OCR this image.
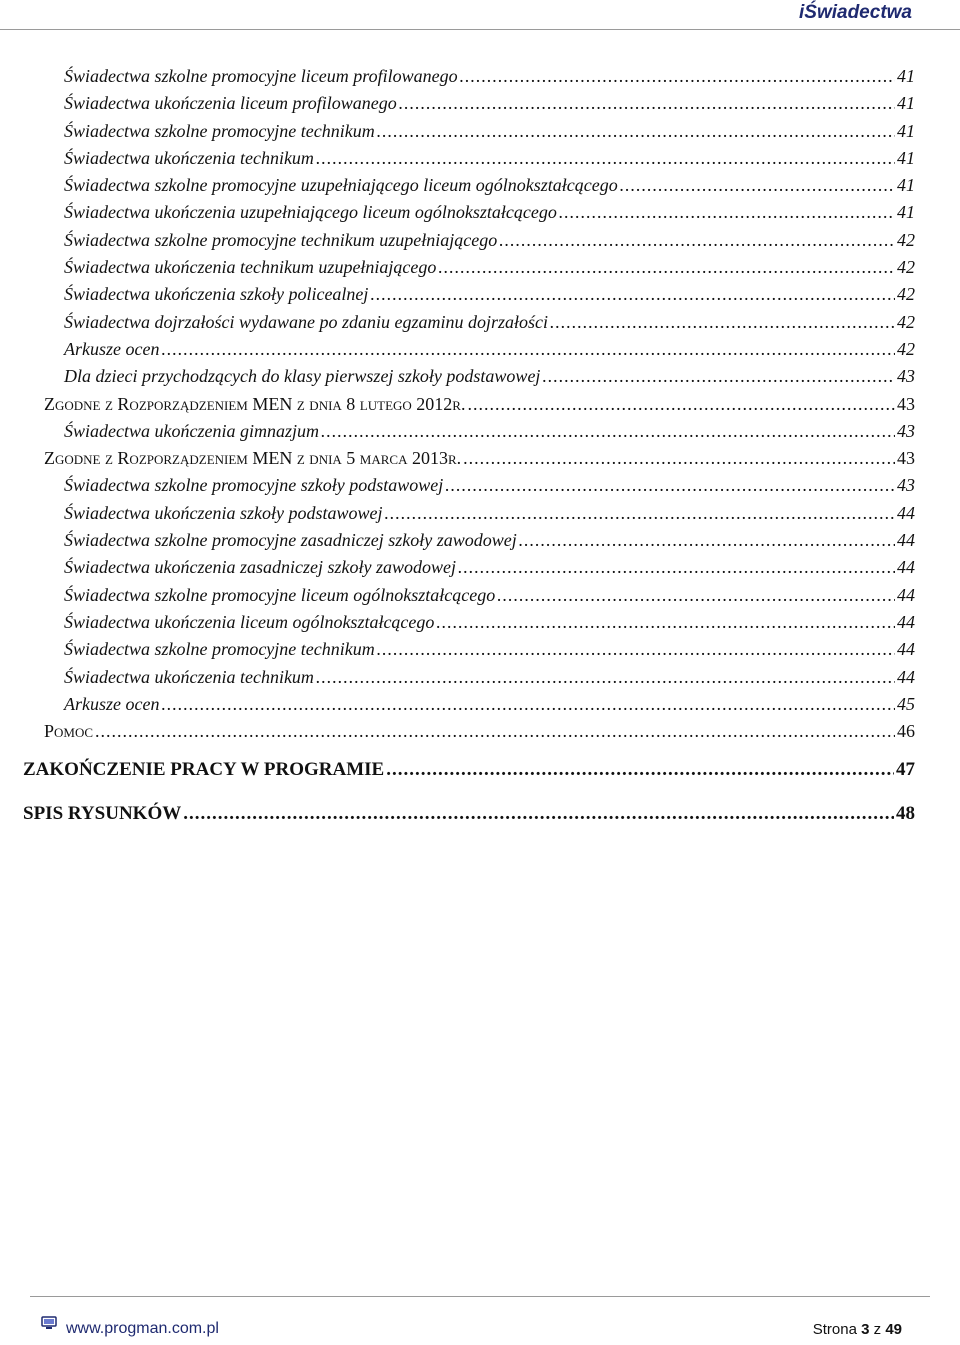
iŚwiadectwa
Świadectwa szkolne promocyjne liceum profilowanego .....	41
Świadectwa ukończenia liceum profilowanego .....	41
Świadectwa szkolne promocyjne technikum .....	41
Świadectwa ukończenia technikum .....	41
Świadectwa szkolne promocyjne uzupełniającego liceum ogólnokształcącego .....	41
Świadectwa ukończenia uzupełniającego liceum ogólnokształcącego .....	41
Świadectwa szkolne promocyjne technikum uzupełniającego .....	42
Świadectwa ukończenia technikum uzupełniającego .....	42
Świadectwa ukończenia szkoły policealnej .....	42
Świadectwa dojrzałości wydawane po zdaniu egzaminu dojrzałości .....	42
Arkusze ocen .....	42
Dla dzieci przychodzących do klasy pierwszej szkoły podstawowej .....	43
Zgodne z Rozporządzeniem MEN z dnia 8 lutego 2012r. .....	43
Świadectwa ukończenia gimnazjum .....	43
Zgodne z Rozporządzeniem MEN z dnia 5 marca 2013r. .....	43
Świadectwa szkolne promocyjne szkoły podstawowej .....	43
Świadectwa ukończenia szkoły podstawowej .....	44
Świadectwa szkolne promocyjne zasadniczej szkoły zawodowej .....	44
Świadectwa ukończenia zasadniczej szkoły zawodowej .....	44
Świadectwa szkolne promocyjne liceum ogólnokształcącego .....	44
Świadectwa ukończenia liceum ogólnokształcącego .....	44
Świadectwa szkolne promocyjne technikum .....	44
Świadectwa ukończenia technikum .....	44
Arkusze ocen .....	45
Pomoc .....	46
ZAKOŃCZENIE PRACY W PROGRAMIE .....	47
SPIS RYSUNKÓW .....	48
www.progman.com.pl	Strona 3 z 49
